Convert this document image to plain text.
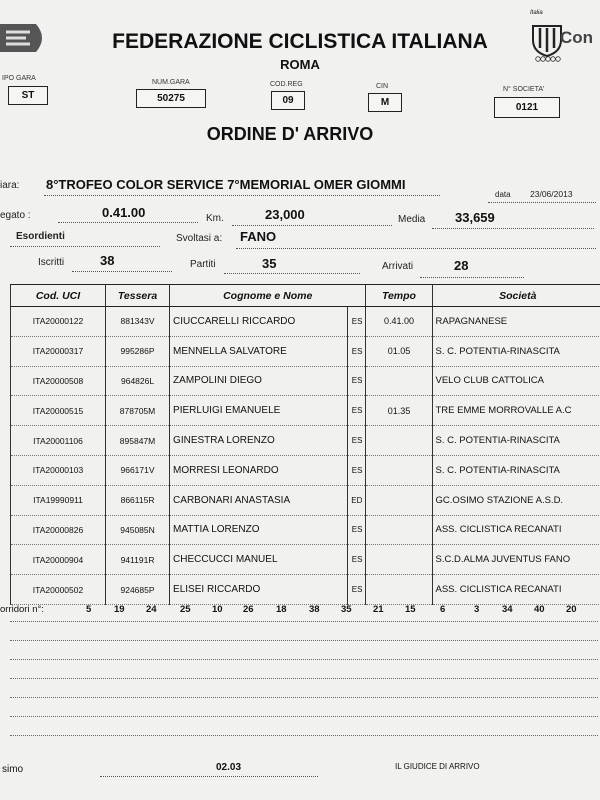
Italia
Con
FEDERAZIONE CICLISTICA ITALIANA
ROMA
IPO GARA
ST
NUM.GARA
50275
COD.REG
09
CIN
M
N° SOCIETA'
0121
ORDINE D' ARRIVO
iara: 8°TROFEO COLOR SERVICE 7°MEMORIAL OMER GIOMMI
data 23/06/2013
egato :	0.41.00	Km.	23,000	Media 33,659
Esordienti	Svoltasi a: FANO
Iscritti	38	Partiti	35	Arrivati	28
Cod. UCI	Tessera	Cognome e Nome		Tempo	Società
ITA20000122	881343V	CIUCCARELLI RICCARDO	ES	0.41.00	RAPAGNANESE
ITA20000317	995286P	MENNELLA SALVATORE	ES	01.05	S. C. POTENTIA-RINASCITA
ITA20000508	964826L	ZAMPOLINI DIEGO	ES		VELO CLUB CATTOLICA
ITA20000515	878705M	PIERLUIGI EMANUELE	ES	01.35	TRE EMME MORROVALLE A.C
ITA20001106	895847M	GINESTRA LORENZO	ES		S. C. POTENTIA-RINASCITA
ITA20000103	966171V	MORRESI LEONARDO	ES		S. C. POTENTIA-RINASCITA
ITA19990911	866115R	CARBONARI ANASTASIA	ED		GC.OSIMO STAZIONE A.S.D.
ITA20000826	945085N	MATTIA LORENZO	ES		ASS. CICLISTICA RECANATI
ITA20000904	941191R	CHECCUCCI MANUEL	ES		S.C.D.ALMA JUVENTUS FANO
ITA20000502	924685P	ELISEI RICCARDO	ES		ASS. CICLISTICA RECANATI
orridori n°:	5 19 24 25 10 26 18 38 35 21 15	6	3 34 40 20
simo	02.03	IL GIUDICE DI ARRIVO
